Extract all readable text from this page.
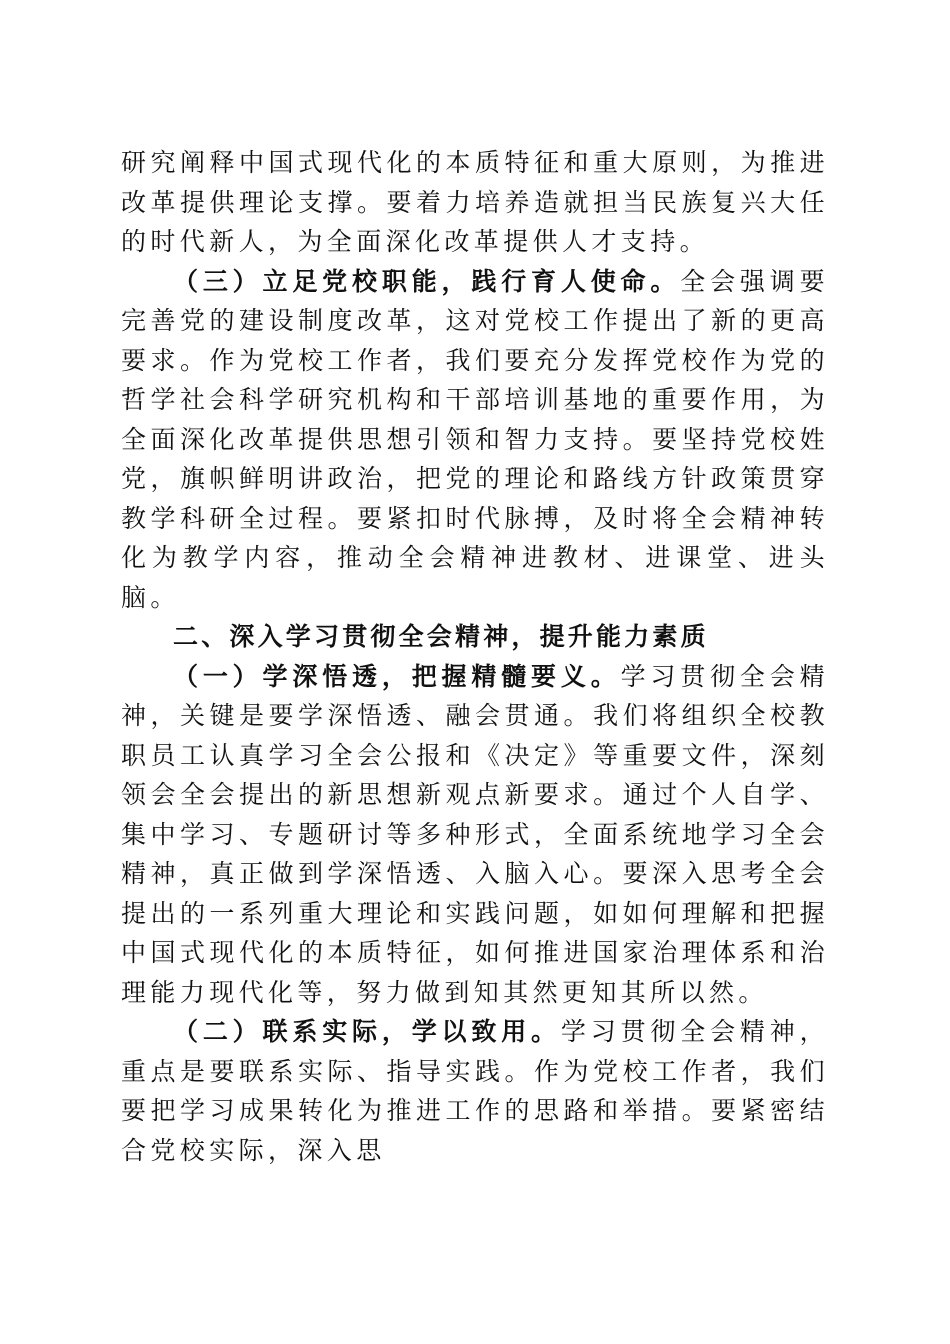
研究阐释中国式现代化的本质特征和重大原则，为推进改革提供理论支撑。要着力培养造就担当民族复兴大任的时代新人，为全面深化改革提供人才支持。

（三）立足党校职能，践行育人使命。全会强调要完善党的建设制度改革，这对党校工作提出了新的更高要求。作为党校工作者，我们要充分发挥党校作为党的哲学社会科学研究机构和干部培训基地的重要作用，为全面深化改革提供思想引领和智力支持。要坚持党校姓党，旗帜鲜明讲政治，把党的理论和路线方针政策贯穿教学科研全过程。要紧扣时代脉搏，及时将全会精神转化为教学内容，推动全会精神进教材、进课堂、进头脑。

二、深入学习贯彻全会精神，提升能力素质

（一）学深悟透，把握精髓要义。学习贯彻全会精神，关键是要学深悟透、融会贯通。我们将组织全校教职员工认真学习全会公报和《决定》等重要文件，深刻领会全会提出的新思想新观点新要求。通过个人自学、集中学习、专题研讨等多种形式，全面系统地学习全会精神，真正做到学深悟透、入脑入心。要深入思考全会提出的一系列重大理论和实践问题，如如何理解和把握中国式现代化的本质特征，如何推进国家治理体系和治理能力现代化等，努力做到知其然更知其所以然。

（二）联系实际，学以致用。学习贯彻全会精神，重点是要联系实际、指导实践。作为党校工作者，我们要把学习成果转化为推进工作的思路和举措。要紧密结合党校实际，深入思
